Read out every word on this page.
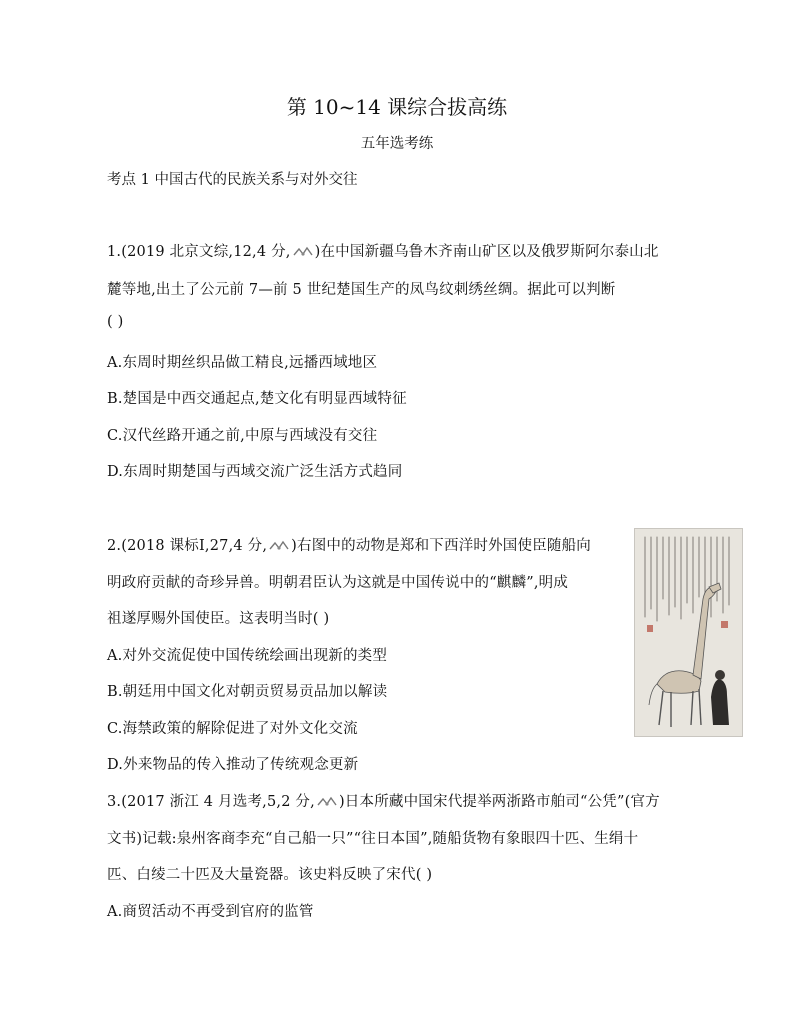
第 10~14 课综合拔高练
五年选考练
考点 1 中国古代的民族关系与对外交往
1.(2019 北京文综,12,4 分, )在中国新疆乌鲁木齐南山矿区以及俄罗斯阿尔泰山北
麓等地,出土了公元前 7—前 5 世纪楚国生产的凤鸟纹刺绣丝绸。据此可以判断
( )
A.东周时期丝织品做工精良,远播西域地区
B.楚国是中西交通起点,楚文化有明显西域特征
C.汉代丝路开通之前,中原与西域没有交往
D.东周时期楚国与西域交流广泛生活方式趋同
2.(2018 课标Ⅰ,27,4 分, )右图中的动物是郑和下西洋时外国使臣随船向
明政府贡献的奇珍异兽。明朝君臣认为这就是中国传说中的“麒麟”,明成
祖遂厚赐外国使臣。这表明当时( )
A.对外交流促使中国传统绘画出现新的类型
B.朝廷用中国文化对朝贡贸易贡品加以解读
C.海禁政策的解除促进了对外文化交流
D.外来物品的传入推动了传统观念更新
3.(2017 浙江 4 月选考,5,2 分, )日本所藏中国宋代提举两浙路市舶司“公凭”(官方
文书)记载:泉州客商李充“自己船一只”“往日本国”,随船货物有象眼四十匹、生绢十
匹、白绫二十匹及大量瓷器。该史料反映了宋代( )
A.商贸活动不再受到官府的监管
